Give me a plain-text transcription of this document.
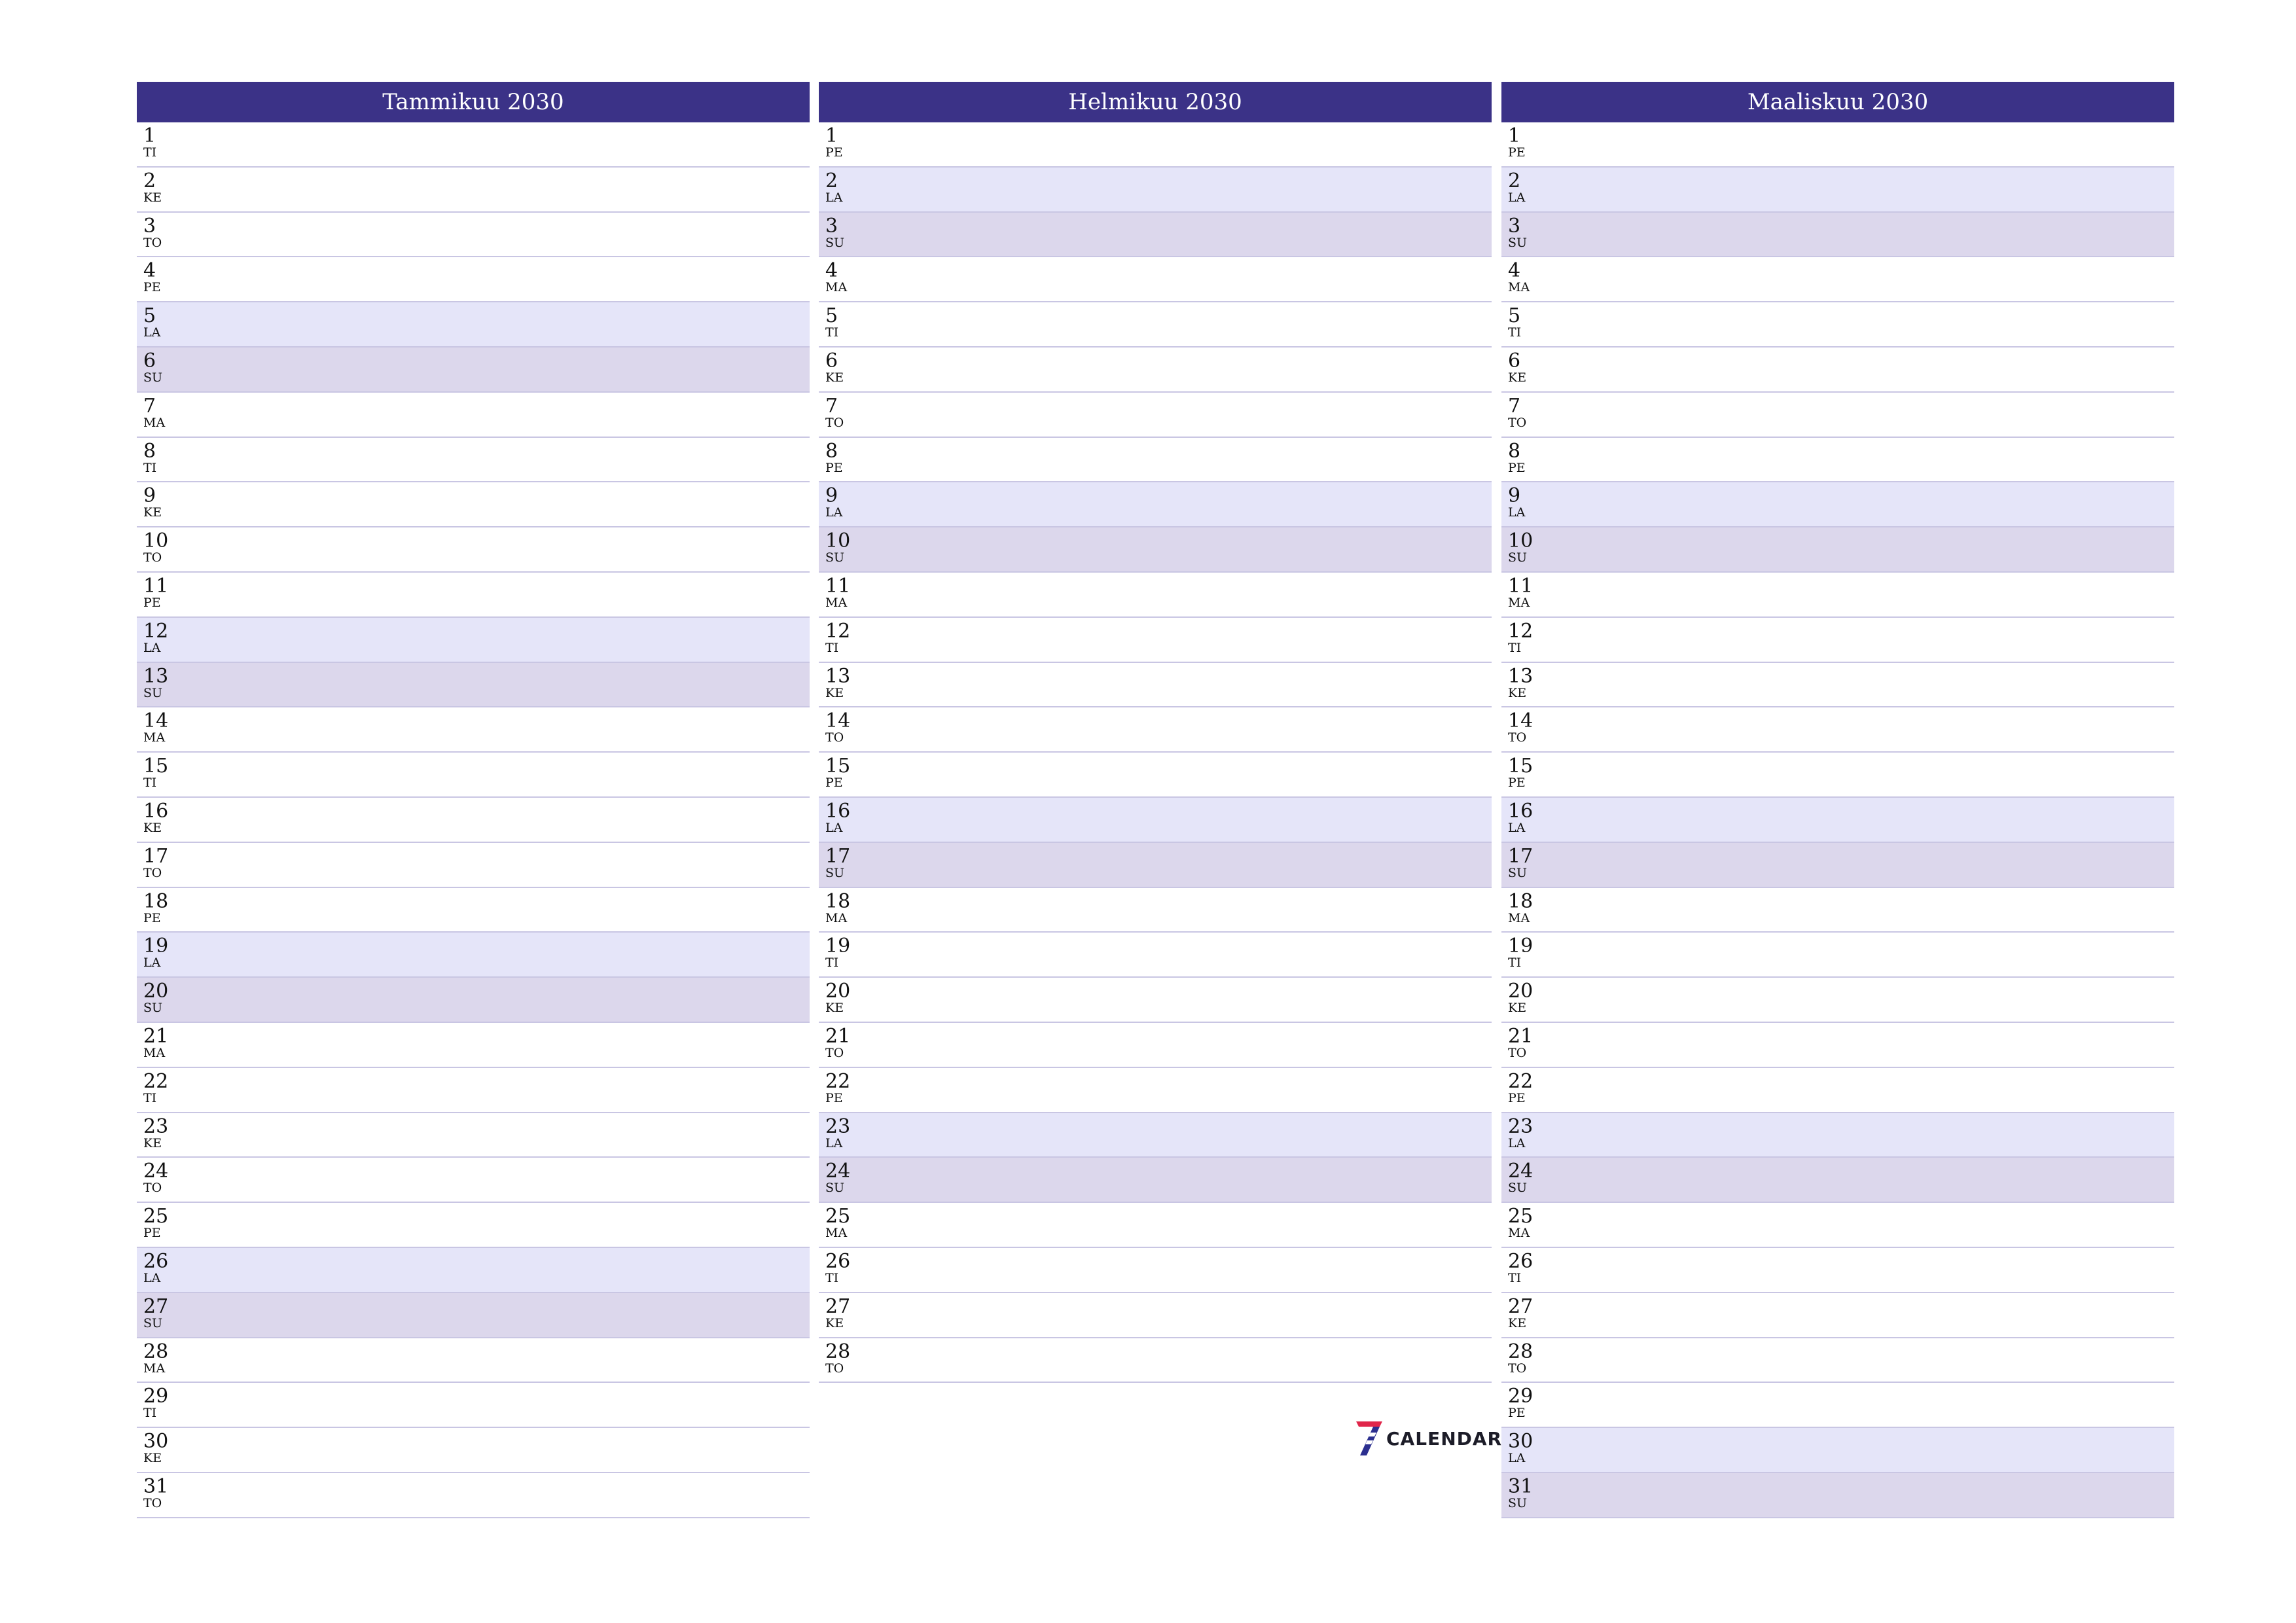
Tammikuu 2030
1
TI
2
KE
3
TO
4
PE
5
LA
6
SU
7
MA
8
TI
9
KE
10
TO
11
PE
12
LA
13
SU
14
MA
15
TI
16
KE
17
TO
18
PE
19
LA
20
SU
21
MA
22
TI
23
KE
24
TO
25
PE
26
LA
27
SU
28
MA
29
TI
30
KE
31
TO
Helmikuu 2030
1
PE
2
LA
3
SU
4
MA
5
TI
6
KE
7
TO
8
PE
9
LA
10
SU
11
MA
12
TI
13
KE
14
TO
15
PE
16
LA
17
SU
18
MA
19
TI
20
KE
21
TO
22
PE
23
LA
24
SU
25
MA
26
TI
27
KE
28
TO
Maaliskuu 2030
1
PE
2
LA
3
SU
4
MA
5
TI
6
KE
7
TO
8
PE
9
LA
10
SU
11
MA
12
TI
13
KE
14
TO
15
PE
16
LA
17
SU
18
MA
19
TI
20
KE
21
TO
22
PE
23
LA
24
SU
25
MA
26
TI
27
KE
28
TO
29
PE
30
LA
31
SU
CALENDAR
